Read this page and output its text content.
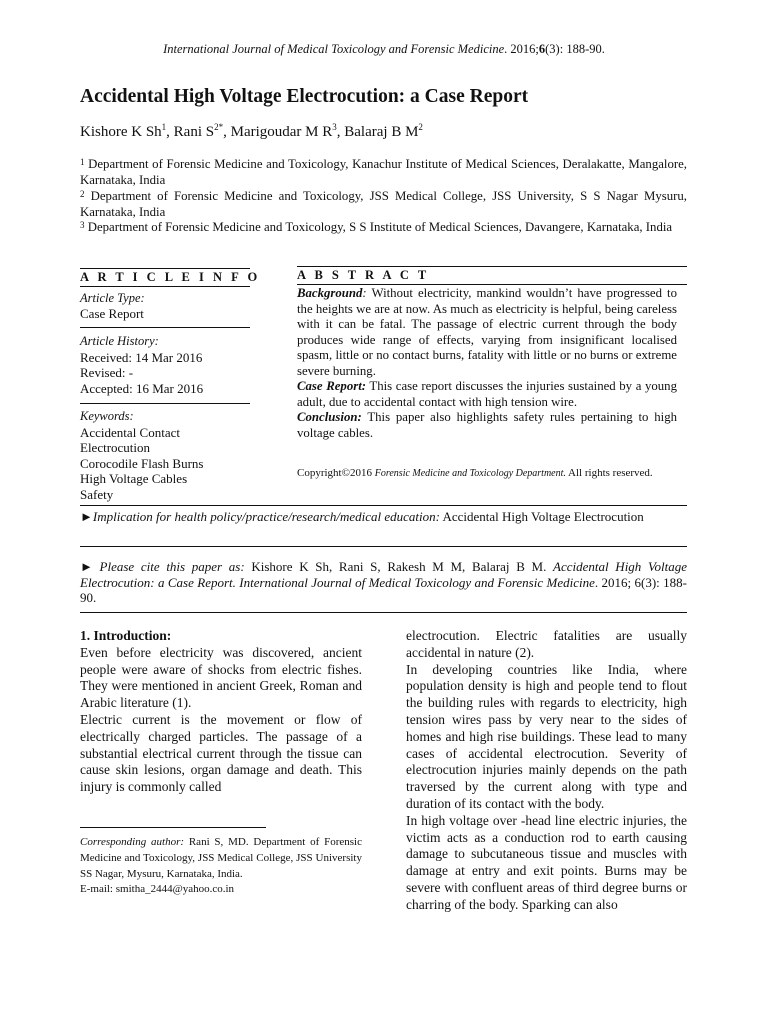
International Journal of Medical Toxicology and Forensic Medicine. 2016;6(3): 188-90.
Accidental High Voltage Electrocution: a Case Report
Kishore K Sh$^1$, Rani $S^{2*}$, Marigoudar M $R^3$, Balaraj B $M^2$
$^1$ Department of Forensic Medicine and Toxicology, Kanachur Institute of Medical Sciences, Deralakatte, Mangalore, Karnataka, India
$^2$ Department of Forensic Medicine and Toxicology, JSS Medical College, JSS University, S S Nagar Mysuru, Karnataka, India
$^3$ Department of Forensic Medicine and Toxicology, S S Institute of Medical Sciences, Davangere, Karnataka, India
A R T I C L E I N F O
Article Type:
Case Report
Article History:
Received: 14 Mar 2016
Revised: -
Accepted: 16 Mar 2016
Keywords:
Accidental Contact
Electrocution
Corocodile Flash Burns
High Voltage Cables
Safety
A B S T R A C T

Background: Without electricity, mankind wouldn’t have progressed to the heights we are at now. As much as electricity is helpful, being careless with it can be fatal. The passage of electric current through the body produces wide range of effects, varying from insignificant localised spasm, little or no contact burns, fatality with little or no burns or extreme severe burning.

Case Report: This case report discusses the injuries sustained by a young adult, due to accidental contact with high tension wire.

Conclusion: This paper also highlights safety rules pertaining to high voltage cables.

Copyright©2016 Forensic Medicine and Toxicology Department. All rights reserved.
►Implication for health policy/practice/research/medical education: Accidental High Voltage Electrocution
► Please cite this paper as: Kishore K Sh, Rani S, Rakesh M M, Balaraj B M. Accidental High Voltage Electrocution: a Case Report. International Journal of Medical Toxicology and Forensic Medicine. 2016; 6(3): 188-90.

1. Introduction:

Even before electricity was discovered, ancient people were aware of shocks from electric fishes. They were mentioned in ancient Greek, Roman and Arabic literature (1).

Electric current is the movement or flow of electrically charged particles. The passage of a substantial electrical current through the tissue can cause skin lesions, organ damage and death. This injury is commonly called

Corresponding author: Rani S, MD. Department of Forensic Medicine and Toxicology, JSS Medical College, JSS University SS Nagar, Mysuru, Karnataka, India.
E-mail: smitha_2444@yahoo.co.in

electrocution. Electric fatalities are usually accidental in nature (2).

In developing countries like India, where population density is high and people tend to flout the building rules with regards to electricity, high tension wires pass by very near to the sides of homes and high rise buildings. These lead to many cases of accidental electrocution. Severity of electrocution injuries mainly depends on the path traversed by the current along with type and duration of its contact with the body.

In high voltage over -head line electric injuries, the victim acts as a conduction rod to earth causing damage to subcutaneous tissue and muscles with damage at entry and exit points. Burns may be severe with confluent areas of third degree burns or charring of the body. Sparking can also
